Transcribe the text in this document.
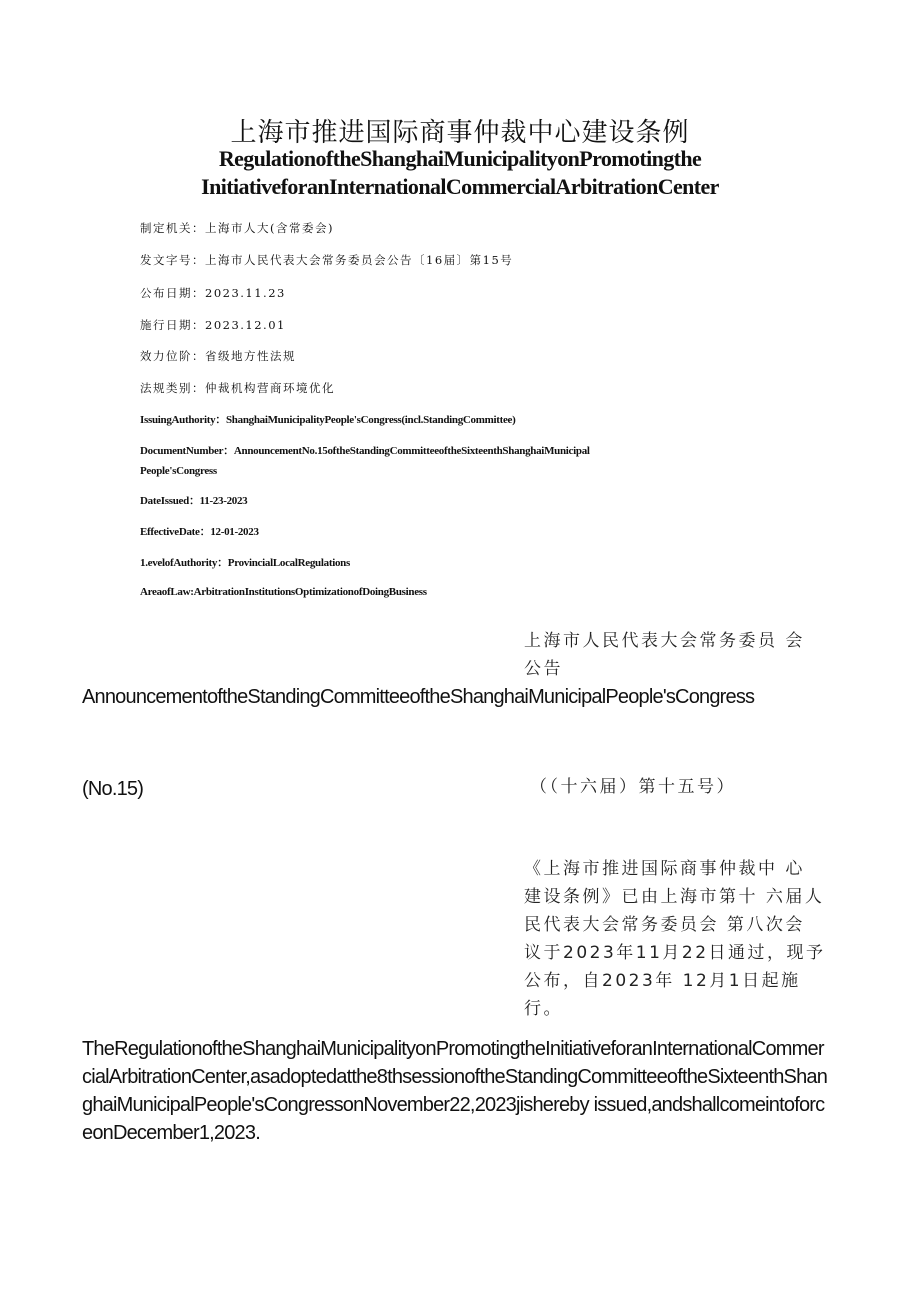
上海市推进国际商事仲裁中心建设条例
RegulationoftheShanghaiMunicipalityonPromotingthe
InitiativeforanInternationalCommercialArbitrationCenter
制定机关：上海市人大(含常委会)
发文字号：上海市人民代表大会常务委员会公告〔16届〕第15号
公布日期：2023.11.23
施行日期：2023.12.01
效力位阶：省级地方性法规
法规类别：仲裁机构营商环境优化
IssuingAuthority：ShanghaiMunicipalityPeople'sCongress(incl.StandingCommittee)
DocumentNumber：AnnouncementNo.15oftheStandingCommitteeoftheSixteenthShanghaiMunicipal
People'sCongress
DateIssued：11-23-2023
EffectiveDate：12-01-2023
1.evelofAuthority：ProvincialLocalRegulations
AreaofLaw:ArbitrationInstitutionsOptimizationofDoingBusiness
上海市人民代表大会常务委员 会
公告
AnnouncementoftheStandingCommitteeoftheShanghaiMunicipalPeople'sCongress
(No.15)	（（十六届）第十五号）
《上海市推进国际商事仲裁中 心
建设条例》已由上海市第十 六届人
民代表大会常务委员会 第八次会
议于2023年11月22日通过，现予
公布，自2023年 12月1日起施行。
TheRegulationoftheShanghaiMunicipalityonPromotingtheInitiativeforanInternationalCommercialArbitrationCenter,asadoptedatthe8thsessionoftheStandingCommitteeoftheSixteenthShanghaiMunicipalPeople'sCongressonNovember22,2023jishereby issued,andshallcomeintoforceonDecember1,2023.
